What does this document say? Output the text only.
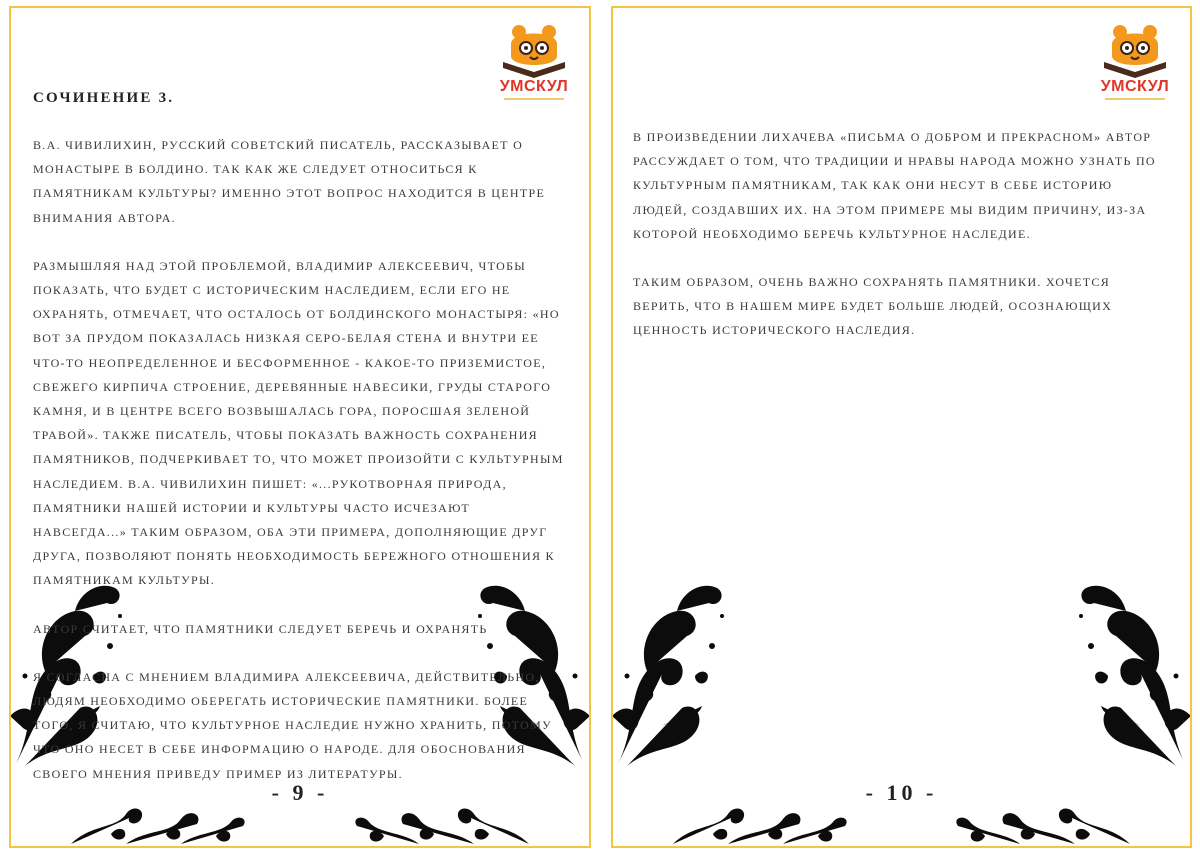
УМСКУЛ
СОЧИНЕНИЕ 3.

В.А. ЧИВИЛИХИН, РУССКИЙ СОВЕТСКИЙ ПИСАТЕЛЬ, РАССКАЗЫВАЕТ О МОНАСТЫРЕ В БОЛДИНО. ТАК КАК ЖЕ СЛЕДУЕТ ОТНОСИТЬСЯ К ПАМЯТНИКАМ КУЛЬТУРЫ? ИМЕННО ЭТОТ ВОПРОС НАХОДИТСЯ В ЦЕНТРЕ ВНИМАНИЯ АВТОРА.

РАЗМЫШЛЯЯ НАД ЭТОЙ ПРОБЛЕМОЙ, ВЛАДИМИР АЛЕКСЕЕВИЧ, ЧТОБЫ ПОКАЗАТЬ, ЧТО БУДЕТ С ИСТОРИЧЕСКИМ НАСЛЕДИЕМ, ЕСЛИ ЕГО НЕ ОХРАНЯТЬ, ОТМЕЧАЕТ, ЧТО ОСТАЛОСЬ ОТ БОЛДИНСКОГО МОНАСТЫРЯ: «НО ВОТ ЗА ПРУДОМ ПОКАЗАЛАСЬ НИЗКАЯ СЕРО-БЕЛАЯ СТЕНА И ВНУТРИ ЕЕ ЧТО-ТО НЕОПРЕДЕЛЕННОЕ И БЕСФОРМЕННОЕ - КАКОЕ-ТО ПРИЗЕМИСТОЕ, СВЕЖЕГО КИРПИЧА СТРОЕНИЕ, ДЕРЕВЯННЫЕ НАВЕСИКИ, ГРУДЫ СТАРОГО КАМНЯ, И В ЦЕНТРЕ ВСЕГО ВОЗВЫШАЛАСЬ ГОРА, ПОРОСШАЯ ЗЕЛЕНОЙ ТРАВОЙ». ТАКЖЕ ПИСАТЕЛЬ, ЧТОБЫ ПОКАЗАТЬ ВАЖНОСТЬ СОХРАНЕНИЯ ПАМЯТНИКОВ, ПОДЧЕРКИВАЕТ ТО, ЧТО МОЖЕТ ПРОИЗОЙТИ С КУЛЬТУРНЫМ НАСЛЕДИЕМ. В.А. ЧИВИЛИХИН ПИШЕТ: «...РУКОТВОРНАЯ ПРИРОДА, ПАМЯТНИКИ НАШЕЙ ИСТОРИИ И КУЛЬТУРЫ ЧАСТО ИСЧЕЗАЮТ НАВСЕГДА...» ТАКИМ ОБРАЗОМ, ОБА ЭТИ ПРИМЕРА, ДОПОЛНЯЮЩИЕ ДРУГ ДРУГА, ПОЗВОЛЯЮТ ПОНЯТЬ НЕОБХОДИМОСТЬ БЕРЕЖНОГО ОТНОШЕНИЯ К ПАМЯТНИКАМ КУЛЬТУРЫ.

АВТОР СЧИТАЕТ, ЧТО ПАМЯТНИКИ СЛЕДУЕТ БЕРЕЧЬ И ОХРАНЯТЬ

Я СОГЛАСНА С МНЕНИЕМ ВЛАДИМИРА АЛЕКСЕЕВИЧА, ДЕЙСТВИТЕЛЬНО, ЛЮДЯМ НЕОБХОДИМО ОБЕРЕГАТЬ ИСТОРИЧЕСКИЕ ПАМЯТНИКИ. БОЛЕЕ ТОГО, Я СЧИТАЮ, ЧТО КУЛЬТУРНОЕ НАСЛЕДИЕ НУЖНО ХРАНИТЬ, ПОТОМУ ЧТО ОНО НЕСЕТ В СЕБЕ ИНФОРМАЦИЮ О НАРОДЕ. ДЛЯ ОБОСНОВАНИЯ СВОЕГО МНЕНИЯ ПРИВЕДУ ПРИМЕР ИЗ ЛИТЕРАТУРЫ.

- 9 -
УМСКУЛ

В ПРОИЗВЕДЕНИИ ЛИХАЧЕВА «ПИСЬМА О ДОБРОМ И ПРЕКРАСНОМ» АВТОР РАССУЖДАЕТ О ТОМ, ЧТО ТРАДИЦИИ И НРАВЫ НАРОДА МОЖНО УЗНАТЬ ПО КУЛЬТУРНЫМ ПАМЯТНИКАМ, ТАК КАК ОНИ НЕСУТ В СЕБЕ ИСТОРИЮ ЛЮДЕЙ, СОЗДАВШИХ ИХ. НА ЭТОМ ПРИМЕРЕ МЫ ВИДИМ ПРИЧИНУ, ИЗ-ЗА КОТОРОЙ НЕОБХОДИМО БЕРЕЧЬ КУЛЬТУРНОЕ НАСЛЕДИЕ.

ТАКИМ ОБРАЗОМ, ОЧЕНЬ ВАЖНО СОХРАНЯТЬ ПАМЯТНИКИ. ХОЧЕТСЯ ВЕРИТЬ, ЧТО В НАШЕМ МИРЕ БУДЕТ БОЛЬШЕ ЛЮДЕЙ, ОСОЗНАЮЩИХ ЦЕННОСТЬ ИСТОРИЧЕСКОГО НАСЛЕДИЯ.

- 10 -
